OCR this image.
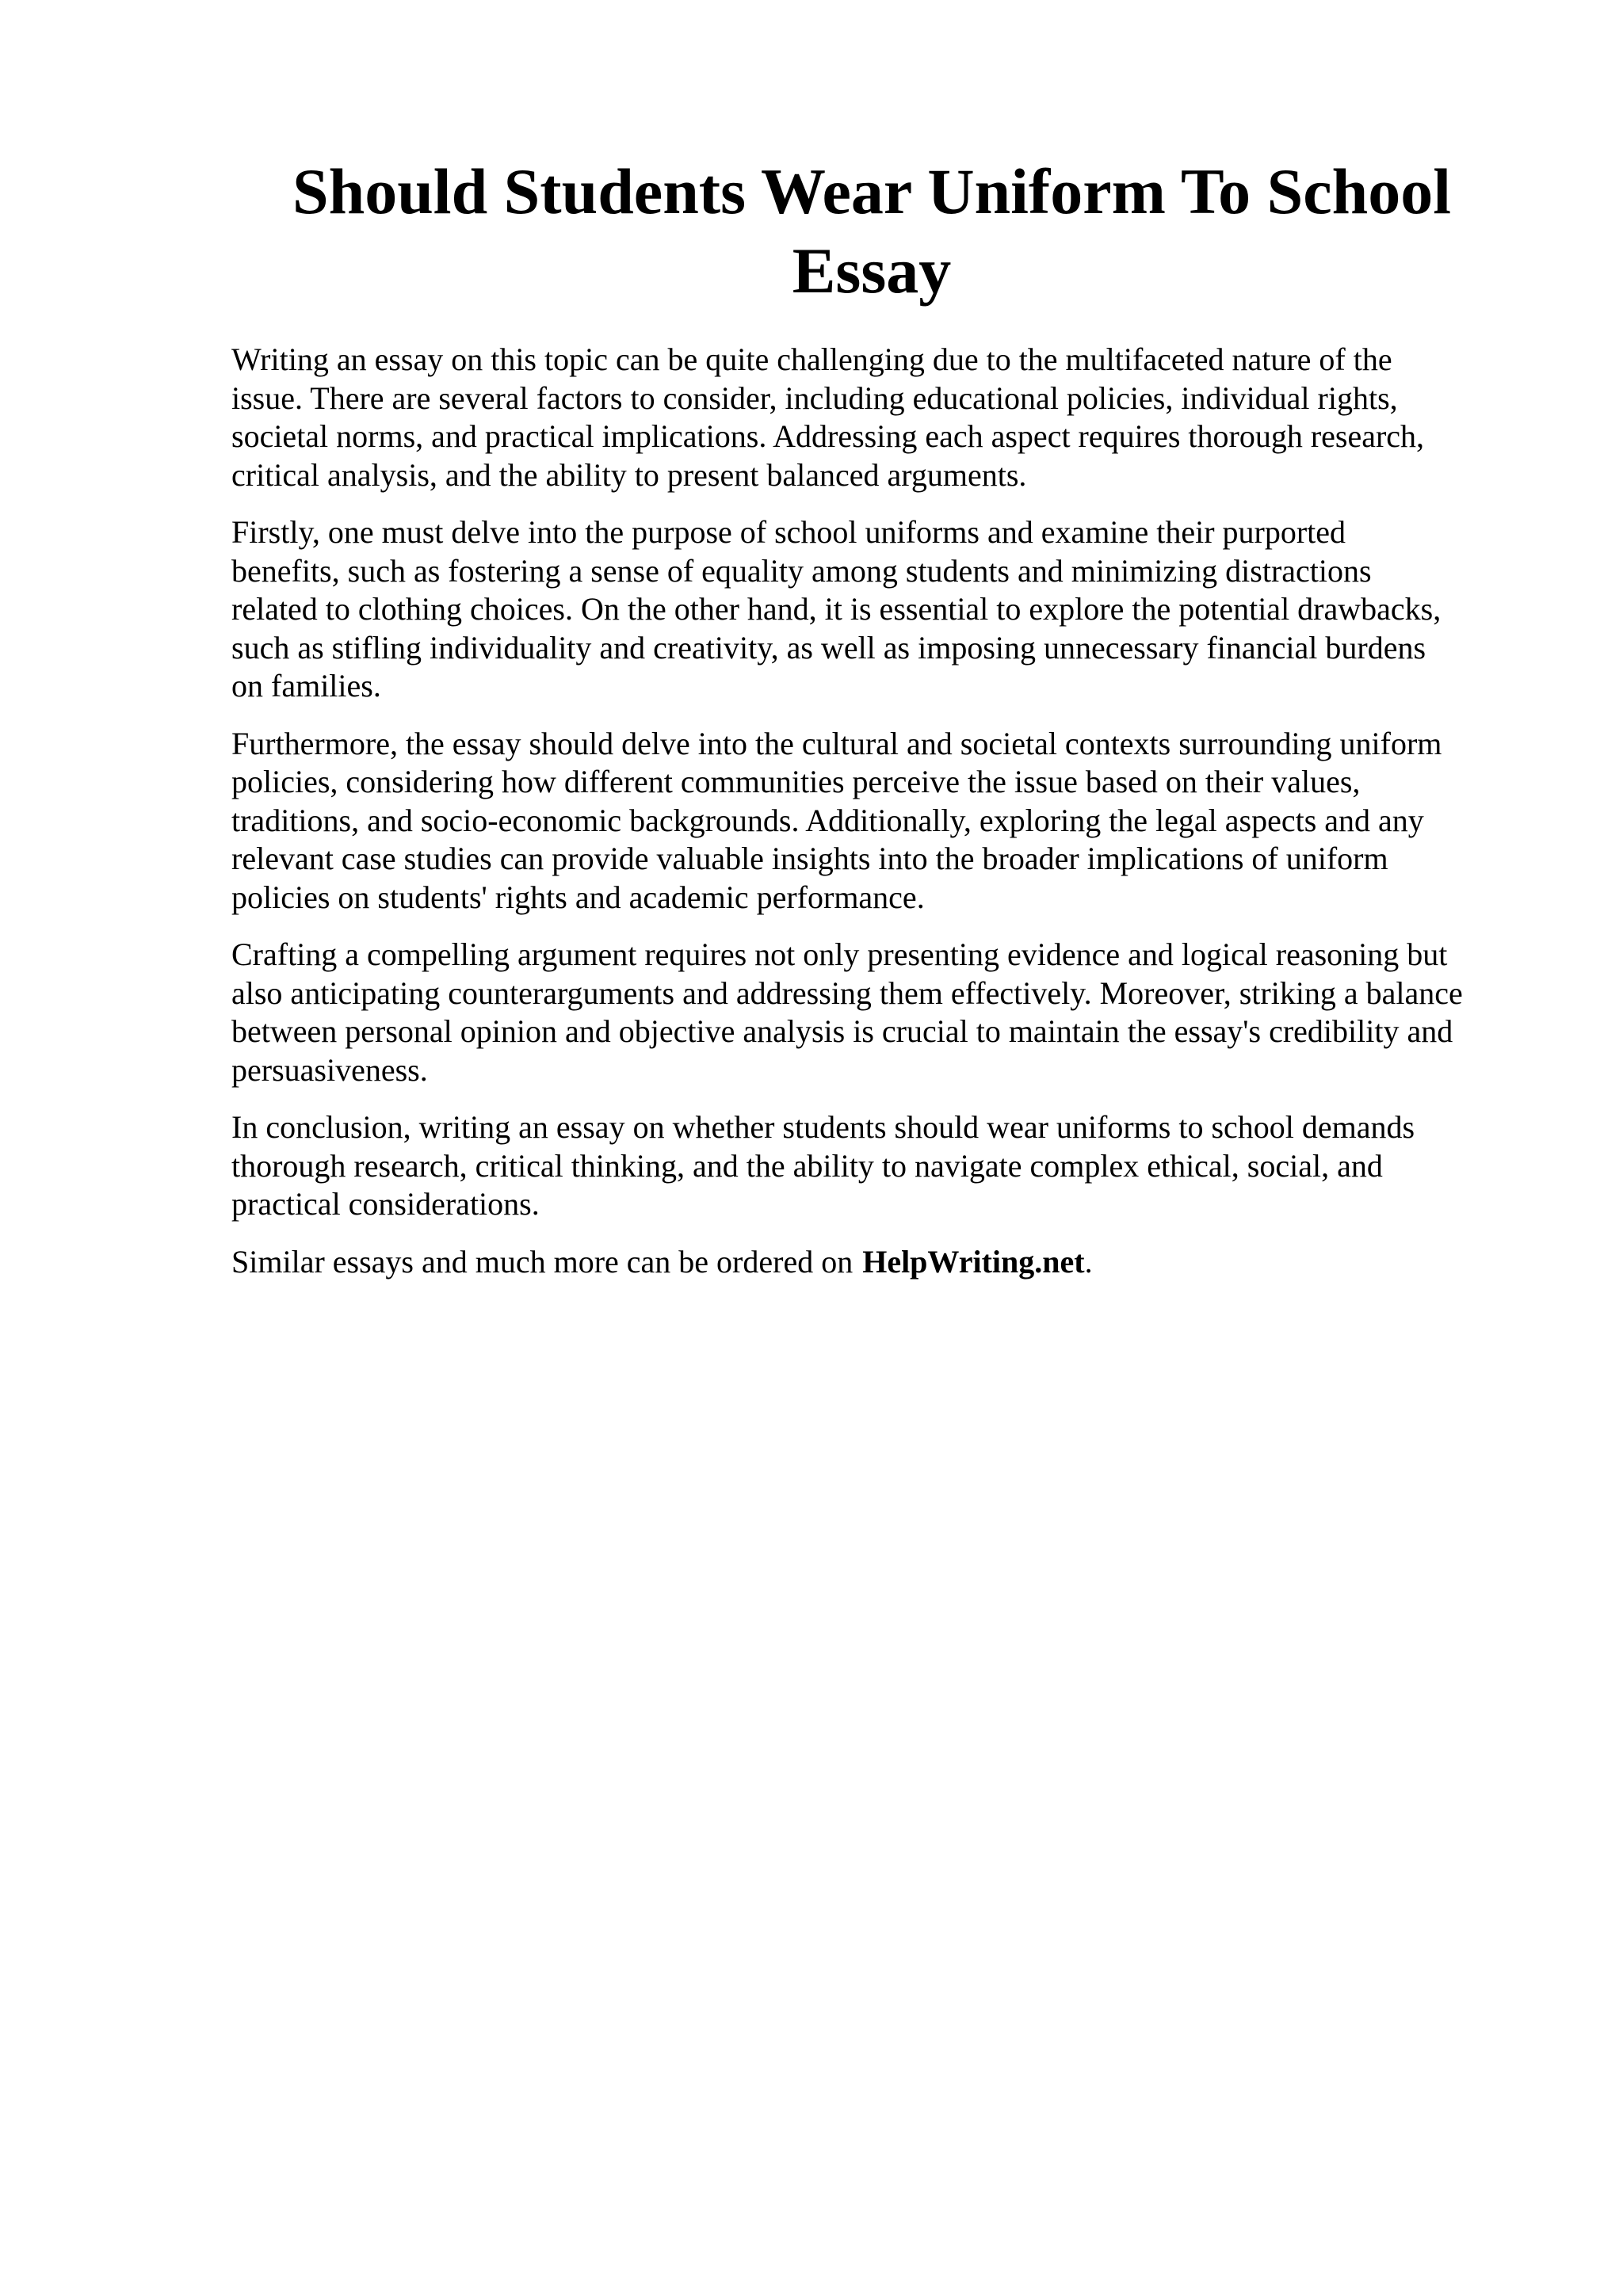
Should Students Wear Uniform To School
Essay

Writing an essay on this topic can be quite challenging due to the multifaceted nature of the
issue. There are several factors to consider, including educational policies, individual rights,
societal norms, and practical implications. Addressing each aspect requires thorough research,
critical analysis, and the ability to present balanced arguments.

Firstly, one must delve into the purpose of school uniforms and examine their purported
benefits, such as fostering a sense of equality among students and minimizing distractions
related to clothing choices. On the other hand, it is essential to explore the potential drawbacks,
such as stifling individuality and creativity, as well as imposing unnecessary financial burdens
on families.

Furthermore, the essay should delve into the cultural and societal contexts surrounding uniform
policies, considering how different communities perceive the issue based on their values,
traditions, and socio-economic backgrounds. Additionally, exploring the legal aspects and any
relevant case studies can provide valuable insights into the broader implications of uniform
policies on students' rights and academic performance.

Crafting a compelling argument requires not only presenting evidence and logical reasoning but
also anticipating counterarguments and addressing them effectively. Moreover, striking a balance
between personal opinion and objective analysis is crucial to maintain the essay's credibility and
persuasiveness.

In conclusion, writing an essay on whether students should wear uniforms to school demands
thorough research, critical thinking, and the ability to navigate complex ethical, social, and
practical considerations.

Similar essays and much more can be ordered on HelpWriting.net.
